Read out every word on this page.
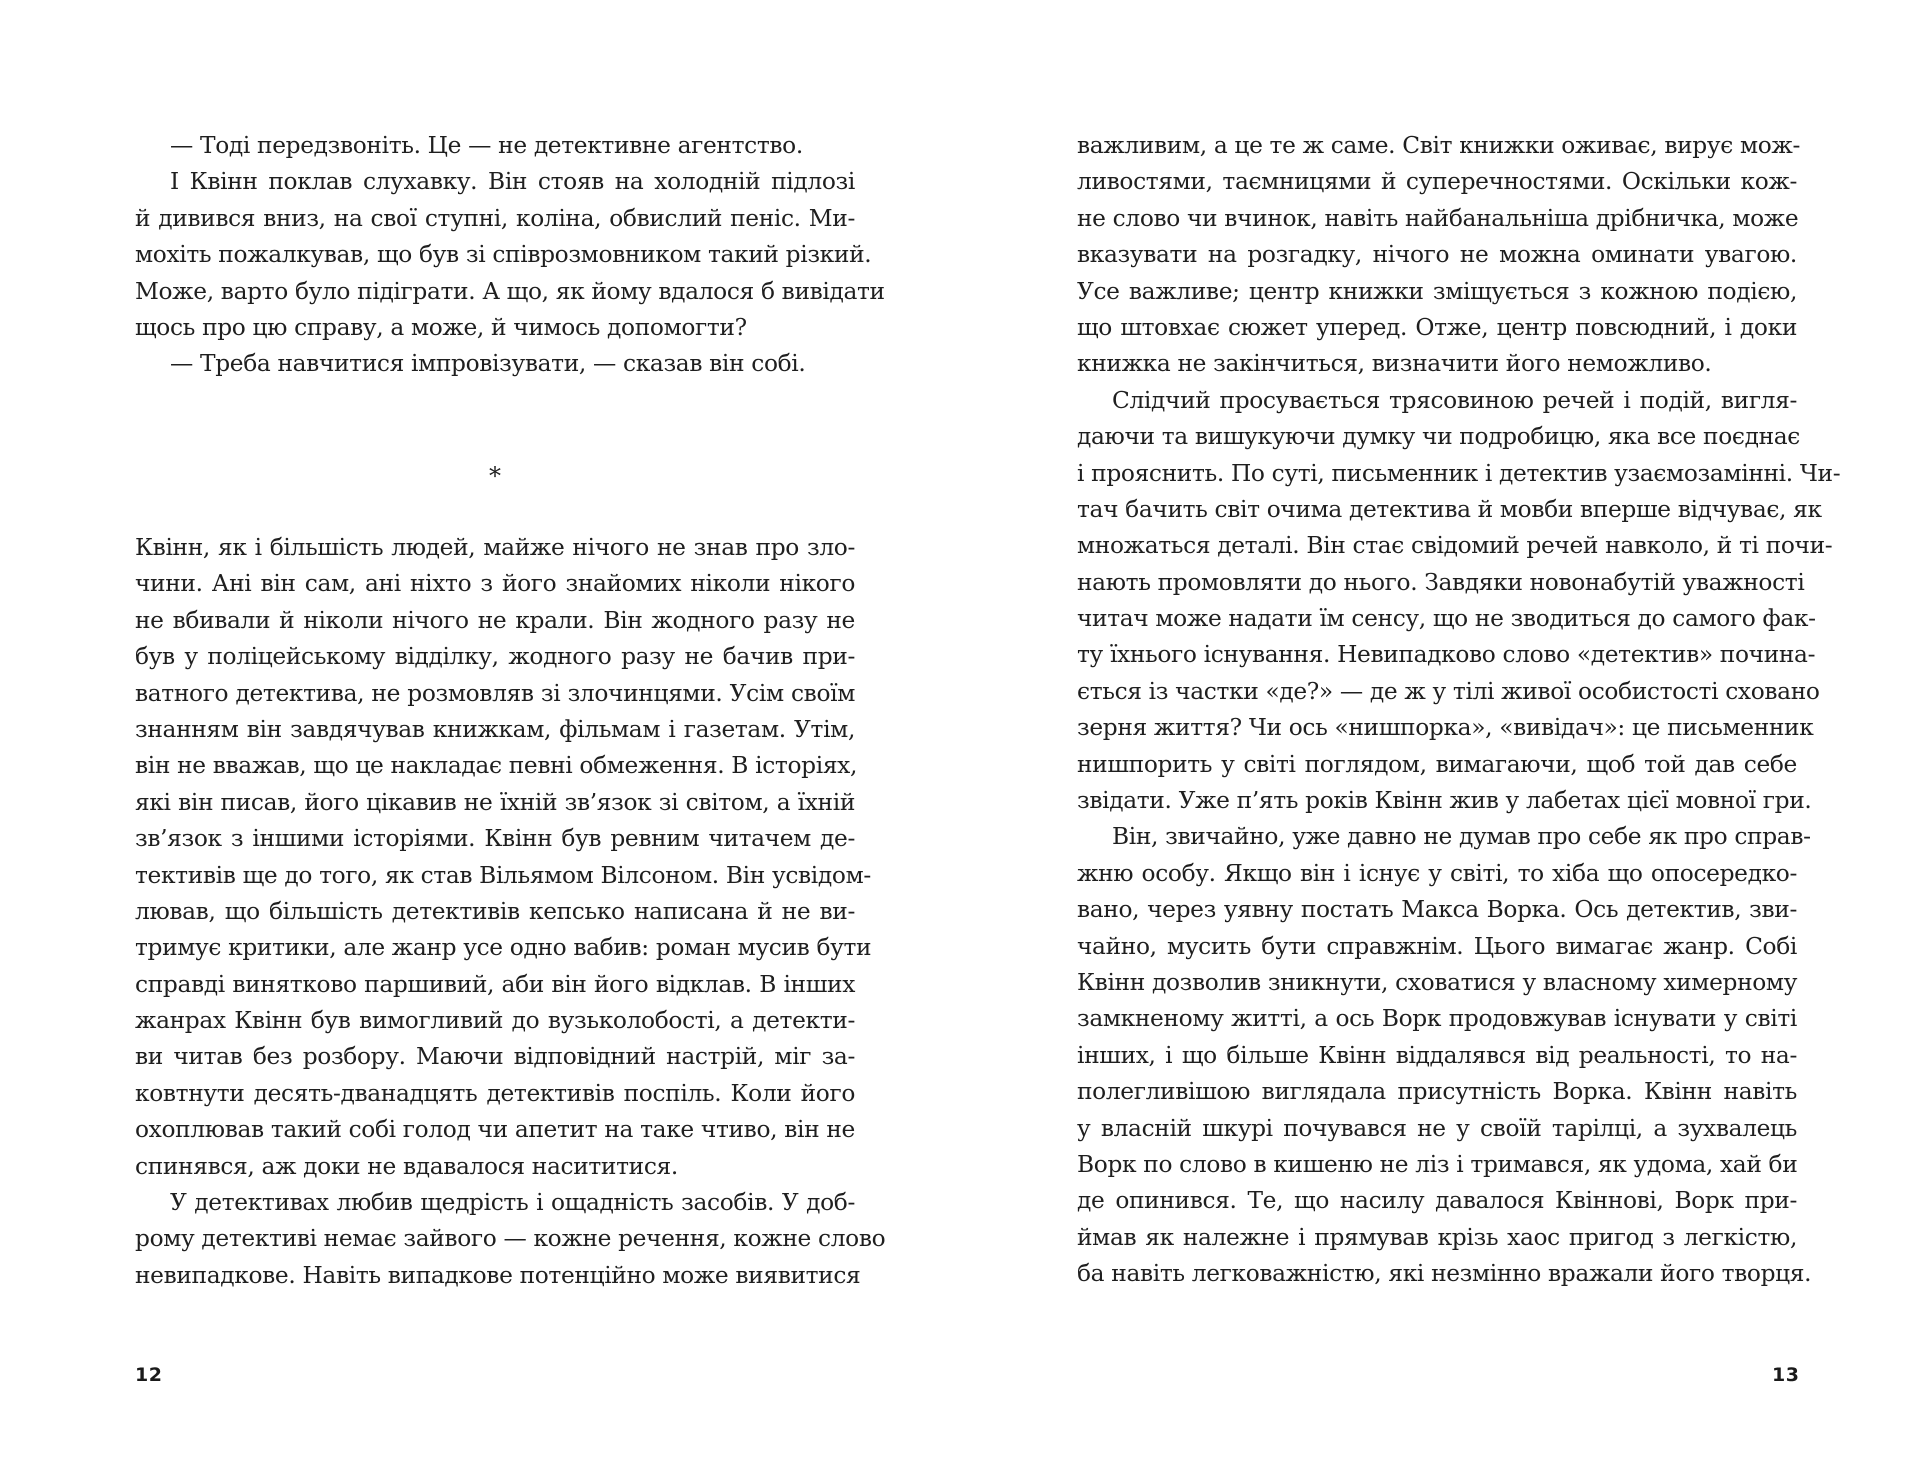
— Тоді передзвоніть. Це — не детективне агентство.
І Квінн поклав слухавку. Він стояв на холодній підлозі
й дивився вниз, на свої ступні, коліна, обвислий пеніс. Ми-
мохіть пожалкував, що був зі співрозмовником такий різкий.
Може, варто було підіграти. А що, як йому вдалося б вивідати
щось про цю справу, а може, й чимось допомогти?
— Треба навчитися імпровізувати, — сказав він собі.
*
Квінн, як і більшість людей, майже нічого не знав про зло-
чини. Ані він сам, ані ніхто з його знайомих ніколи нікого
не вбивали й ніколи нічого не крали. Він жодного разу не
був у поліцейському відділку, жодного разу не бачив при-
ватного детектива, не розмовляв зі злочинцями. Усім своїм
знанням він завдячував книжкам, фільмам і газетам. Утім,
він не вважав, що це накладає певні обмеження. В історіях,
які він писав, його цікавив не їхній зв’язок зі світом, а їхній
зв’язок з іншими історіями. Квінн був ревним читачем де-
тективів ще до того, як став Вільямом Вілсоном. Він усвідом-
лював, що більшість детективів кепсько написана й не ви-
тримує критики, але жанр усе одно вабив: роман мусив бути
справді винятково паршивий, аби він його відклав. В інших
жанрах Квінн був вимогливий до вузьколобості, а детекти-
ви читав без розбору. Маючи відповідний настрій, міг за-
ковтнути десять-дванадцять детективів поспіль. Коли його
охоплював такий собі голод чи апетит на таке чтиво, він не
спинявся, аж доки не вдавалося насититися.
У детективах любив щедрість і ощадність засобів. У доб-
рому детективі немає зайвого — кожне речення, кожне слово
невипадкове. Навіть випадкове потенційно може виявитися
важливим, а це те ж саме. Світ книжки оживає, вирує мож-
ливостями, таємницями й суперечностями. Оскільки кож-
не слово чи вчинок, навіть найбанальніша дрібничка, може
вказувати на розгадку, нічого не можна оминати увагою.
Усе важливе; центр книжки зміщується з кожною подією,
що штовхає сюжет уперед. Отже, центр повсюдний, і доки
книжка не закінчиться, визначити його неможливо.
Слідчий просувається трясовиною речей і подій, вигля-
даючи та вишукуючи думку чи подробицю, яка все поєднає
і прояснить. По суті, письменник і детектив узаємозамінні. Чи-
тач бачить світ очима детектива й мовби вперше відчуває, як
множаться деталі. Він стає свідомий речей навколо, й ті почи-
нають промовляти до нього. Завдяки новонабутій уважності
читач може надати їм сенсу, що не зводиться до самого фак-
ту їхнього існування. Невипадково слово «детектив» почина-
ється із частки «де?» — де ж у тілі живої особистості сховано
зерня життя? Чи ось «нишпорка», «вивідач»: це письменник
нишпорить у світі поглядом, вимагаючи, щоб той дав себе
звідати. Уже п’ять років Квінн жив у лабетах цієї мовної гри.
Він, звичайно, уже давно не думав про себе як про справ-
жню особу. Якщо він і існує у світі, то хіба що опосередко-
вано, через уявну постать Макса Ворка. Ось детектив, зви-
чайно, мусить бути справжнім. Цього вимагає жанр. Собі
Квінн дозволив зникнути, сховатися у власному химерному
замкненому житті, а ось Ворк продовжував існувати у світі
інших, і що більше Квінн віддалявся від реальності, то на-
полегливішою виглядала присутність Ворка. Квінн навіть
у власній шкурі почувався не у своїй тарілці, а зухвалець
Ворк по слово в кишеню не ліз і тримався, як удома, хай би
де опинився. Те, що насилу давалося Квінновi, Ворк при-
ймав як належне і прямував крізь хаос пригод з легкістю,
ба навіть легковажністю, які незмінно вражали його творця.
12	13
